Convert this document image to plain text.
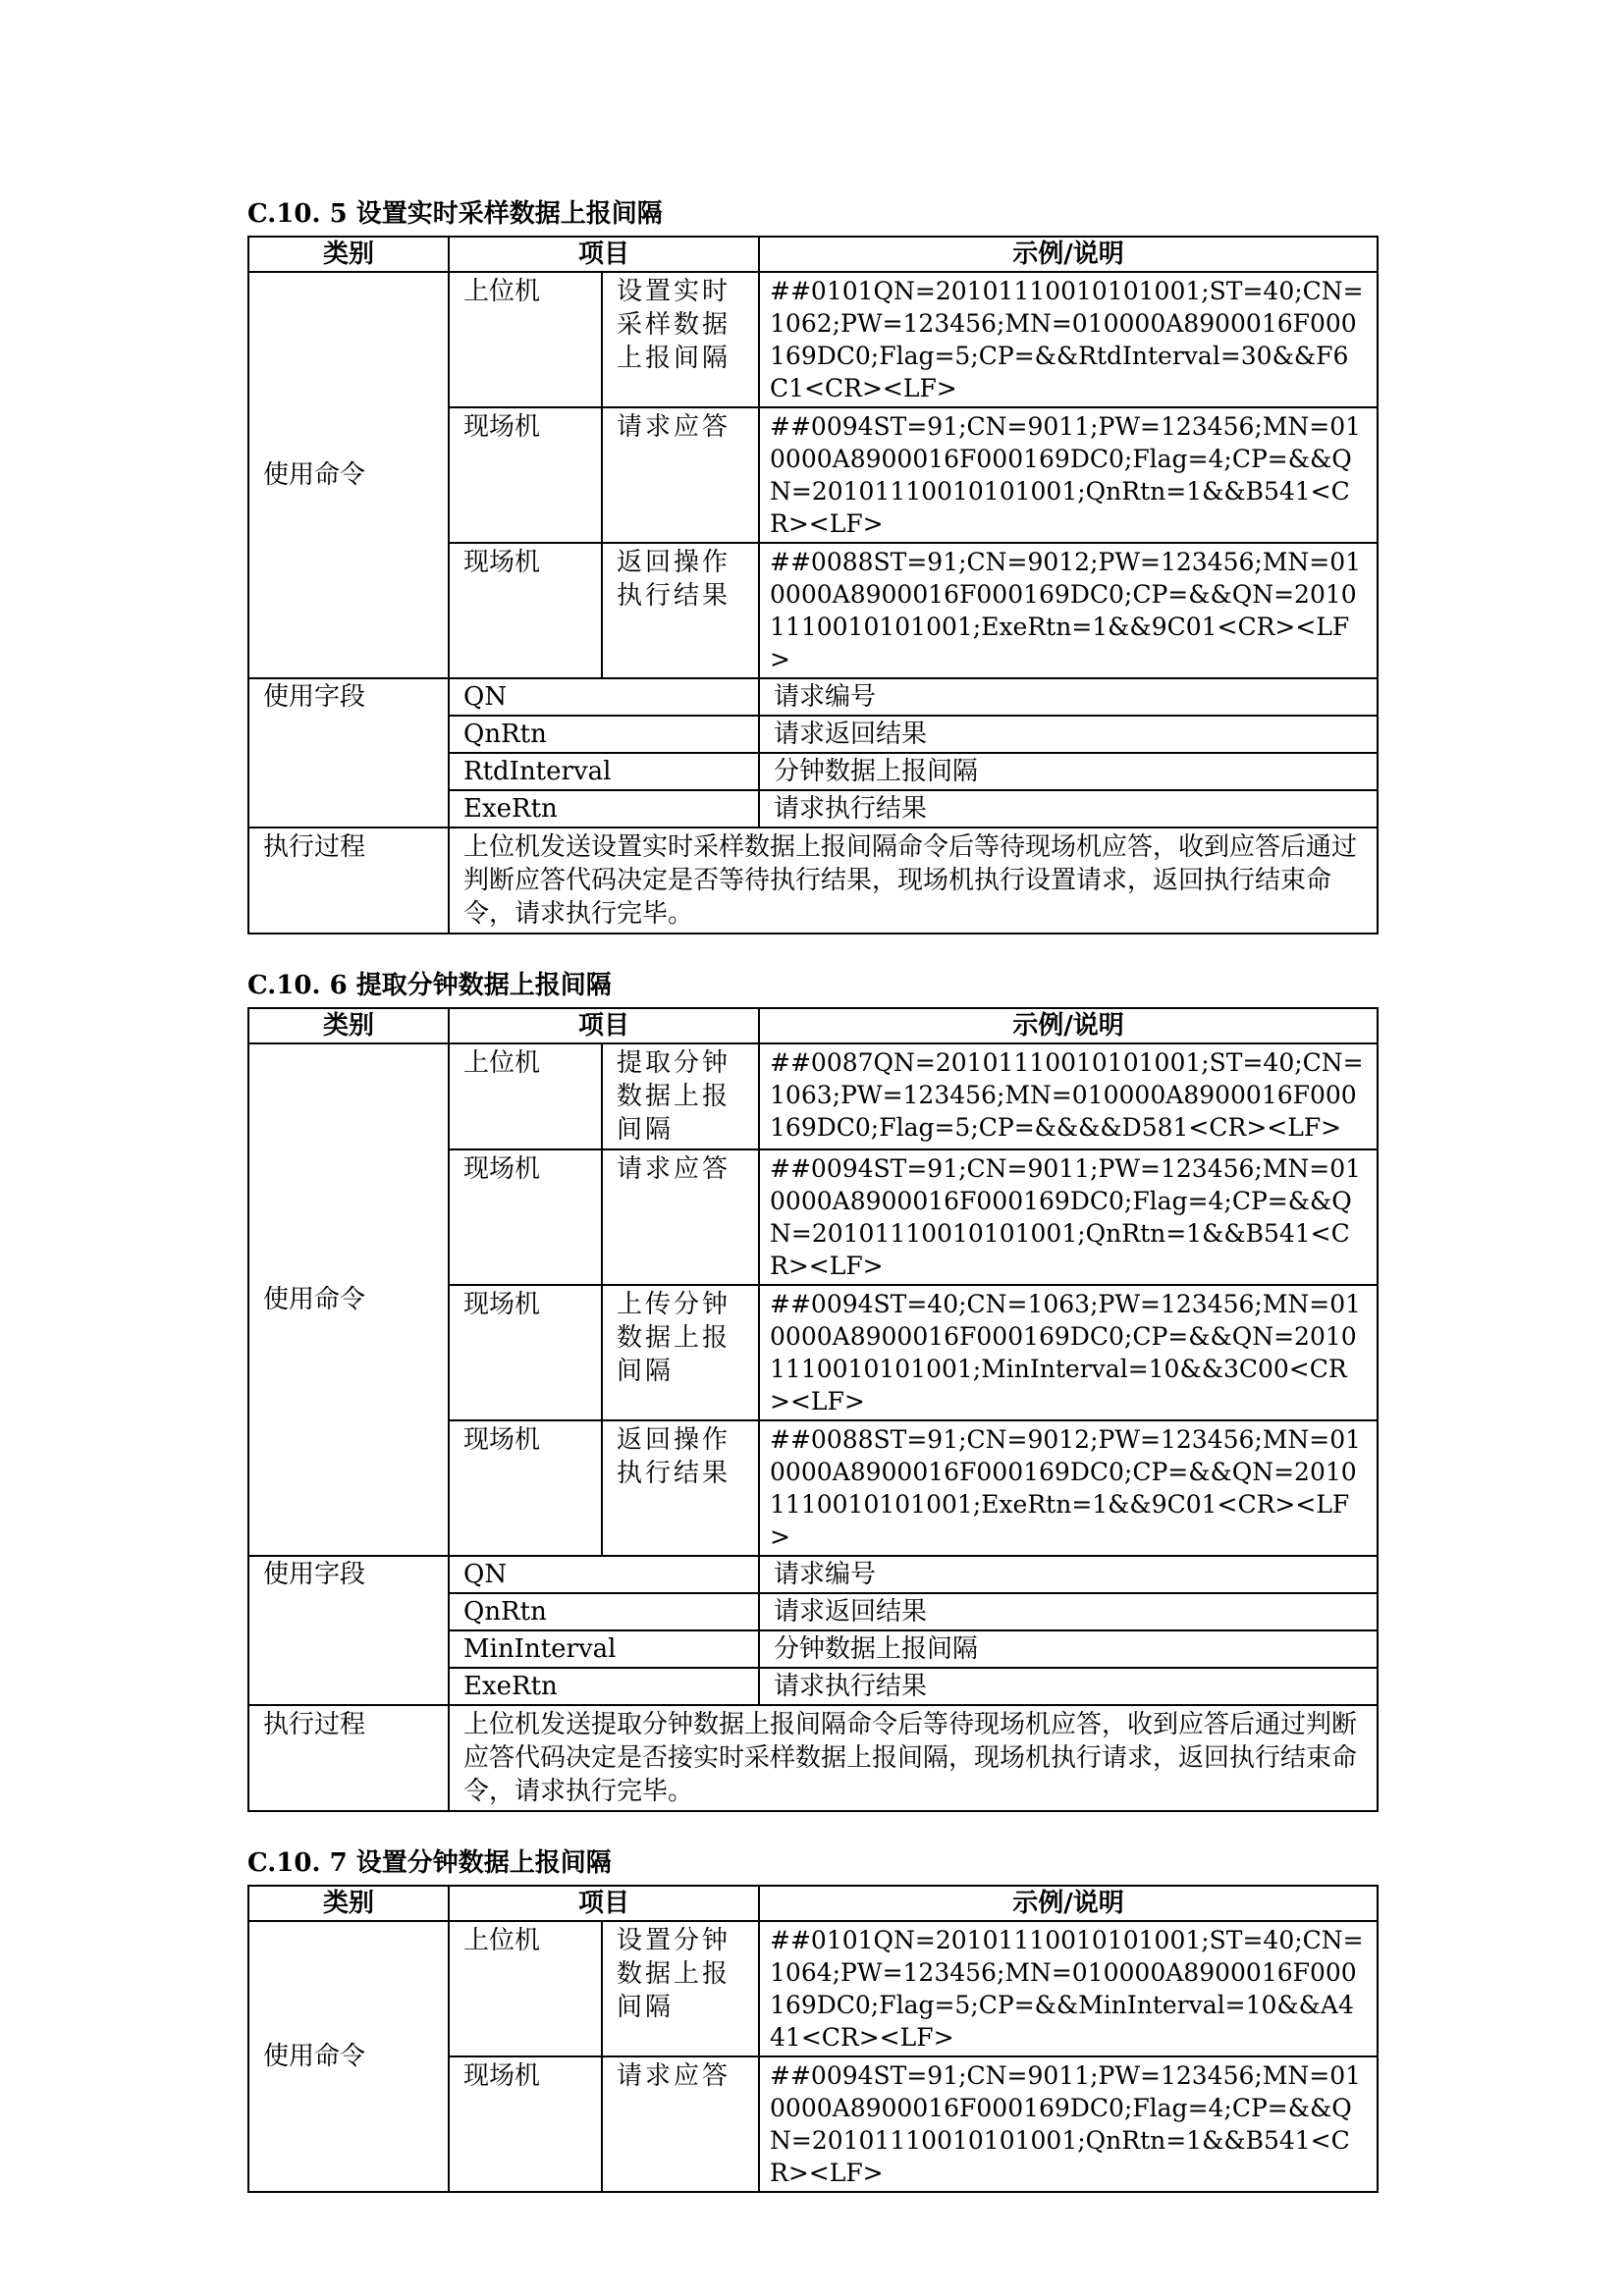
C.10. 5 设置实时采样数据上报间隔
类别	项目		示例/说明
使用命令	上位机	设置实时采样数据上报间隔	##0101QN=20101110010101001;ST=40;CN=1062;PW=123456;MN=010000A8900016F000169DC0;Flag=5;CP=&&RtdInterval=30&&F6C1<CR><LF>
	现场机	请求应答	##0094ST=91;CN=9011;PW=123456;MN=010000A8900016F000169DC0;Flag=4;CP=&&QN=20101110010101001;QnRtn=1&&B541<CR><LF>
	现场机	返回操作执行结果	##0088ST=91;CN=9012;PW=123456;MN=010000A8900016F000169DC0;CP=&&QN=20101110010101001;ExeRtn=1&&9C01<CR><LF>
使用字段	QN		请求编号
	QnRtn		请求返回结果
	RtdInterval		分钟数据上报间隔
	ExeRtn		请求执行结果
执行过程	上位机发送设置实时采样数据上报间隔命令后等待现场机应答，收到应答后通过判断应答代码决定是否等待执行结果，现场机执行设置请求，返回执行结束命令，请求执行完毕。		
C.10. 6 提取分钟数据上报间隔
类别	项目		示例/说明
使用命令	上位机	提取分钟数据上报间隔	##0087QN=20101110010101001;ST=40;CN=1063;PW=123456;MN=010000A8900016F000169DC0;Flag=5;CP=&&&&D581<CR><LF>
	现场机	请求应答	##0094ST=91;CN=9011;PW=123456;MN=010000A8900016F000169DC0;Flag=4;CP=&&QN=20101110010101001;QnRtn=1&&B541<CR><LF>
	现场机	上传分钟数据上报间隔	##0094ST=40;CN=1063;PW=123456;MN=010000A8900016F000169DC0;CP=&&QN=20101110010101001;MinInterval=10&&3C00<CR><LF>
	现场机	返回操作执行结果	##0088ST=91;CN=9012;PW=123456;MN=010000A8900016F000169DC0;CP=&&QN=20101110010101001;ExeRtn=1&&9C01<CR><LF>
使用字段	QN		请求编号
	QnRtn		请求返回结果
	MinInterval		分钟数据上报间隔
	ExeRtn		请求执行结果
执行过程	上位机发送提取分钟数据上报间隔命令后等待现场机应答，收到应答后通过判断应答代码决定是否接实时采样数据上报间隔，现场机执行请求，返回执行结束命令，请求执行完毕。		
C.10. 7 设置分钟数据上报间隔
类别	项目		示例/说明
使用命令	上位机	设置分钟数据上报间隔	##0101QN=20101110010101001;ST=40;CN=1064;PW=123456;MN=010000A8900016F000169DC0;Flag=5;CP=&&MinInterval=10&&A441<CR><LF>
	现场机	请求应答	##0094ST=91;CN=9011;PW=123456;MN=010000A8900016F000169DC0;Flag=4;CP=&&QN=20101110010101001;QnRtn=1&&B541<CR><LF>
